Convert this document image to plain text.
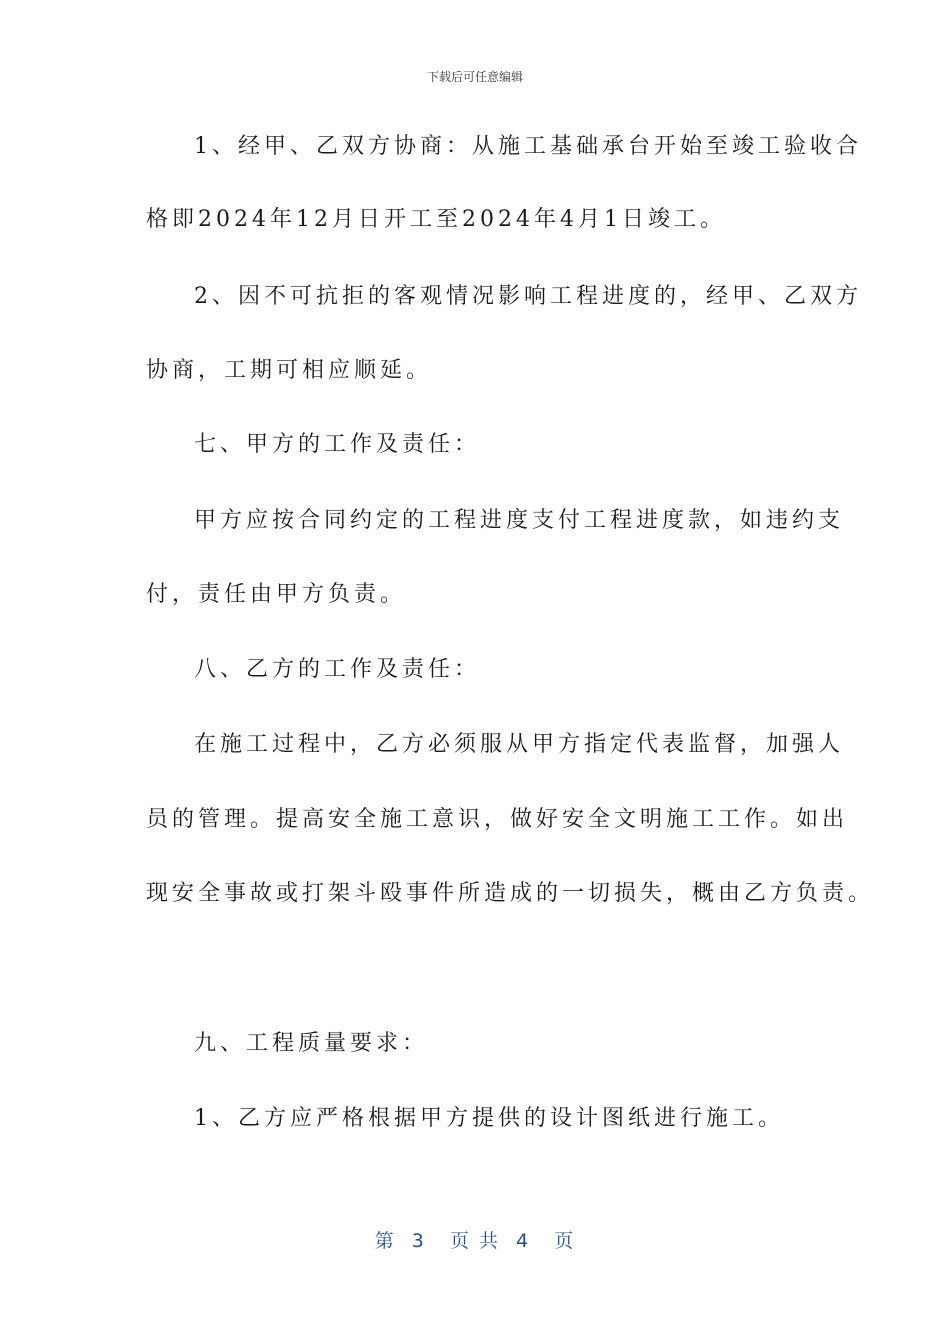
下载后可任意编辑
1、经甲、乙双方协商：从施工基础承台开始至竣工验收合
格即2024年12月日开工至2024年4月1日竣工。
2、因不可抗拒的客观情况影响工程进度的，经甲、乙双方
协商，工期可相应顺延。
七、甲方的工作及责任：
甲方应按合同约定的工程进度支付工程进度款，如违约支
付，责任由甲方负责。
八、乙方的工作及责任：
在施工过程中，乙方必须服从甲方指定代表监督，加强人
员的管理。提高安全施工意识，做好安全文明施工工作。如出
现安全事故或打架斗殴事件所造成的一切损失，概由乙方负责。
九、工程质量要求：
1、乙方应严格根据甲方提供的设计图纸进行施工。
第  3   页 共  4   页
